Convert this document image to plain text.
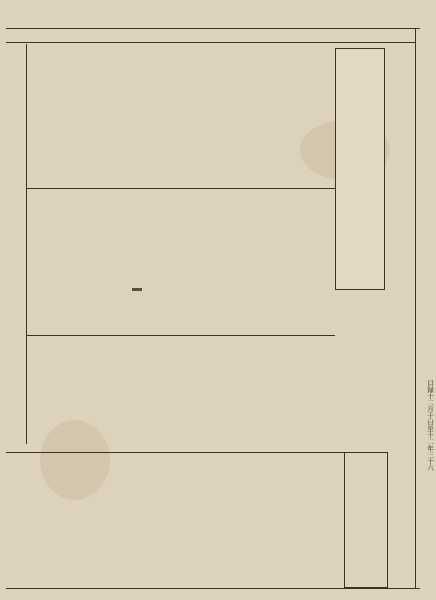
目録十二月十日至十二年三十六
